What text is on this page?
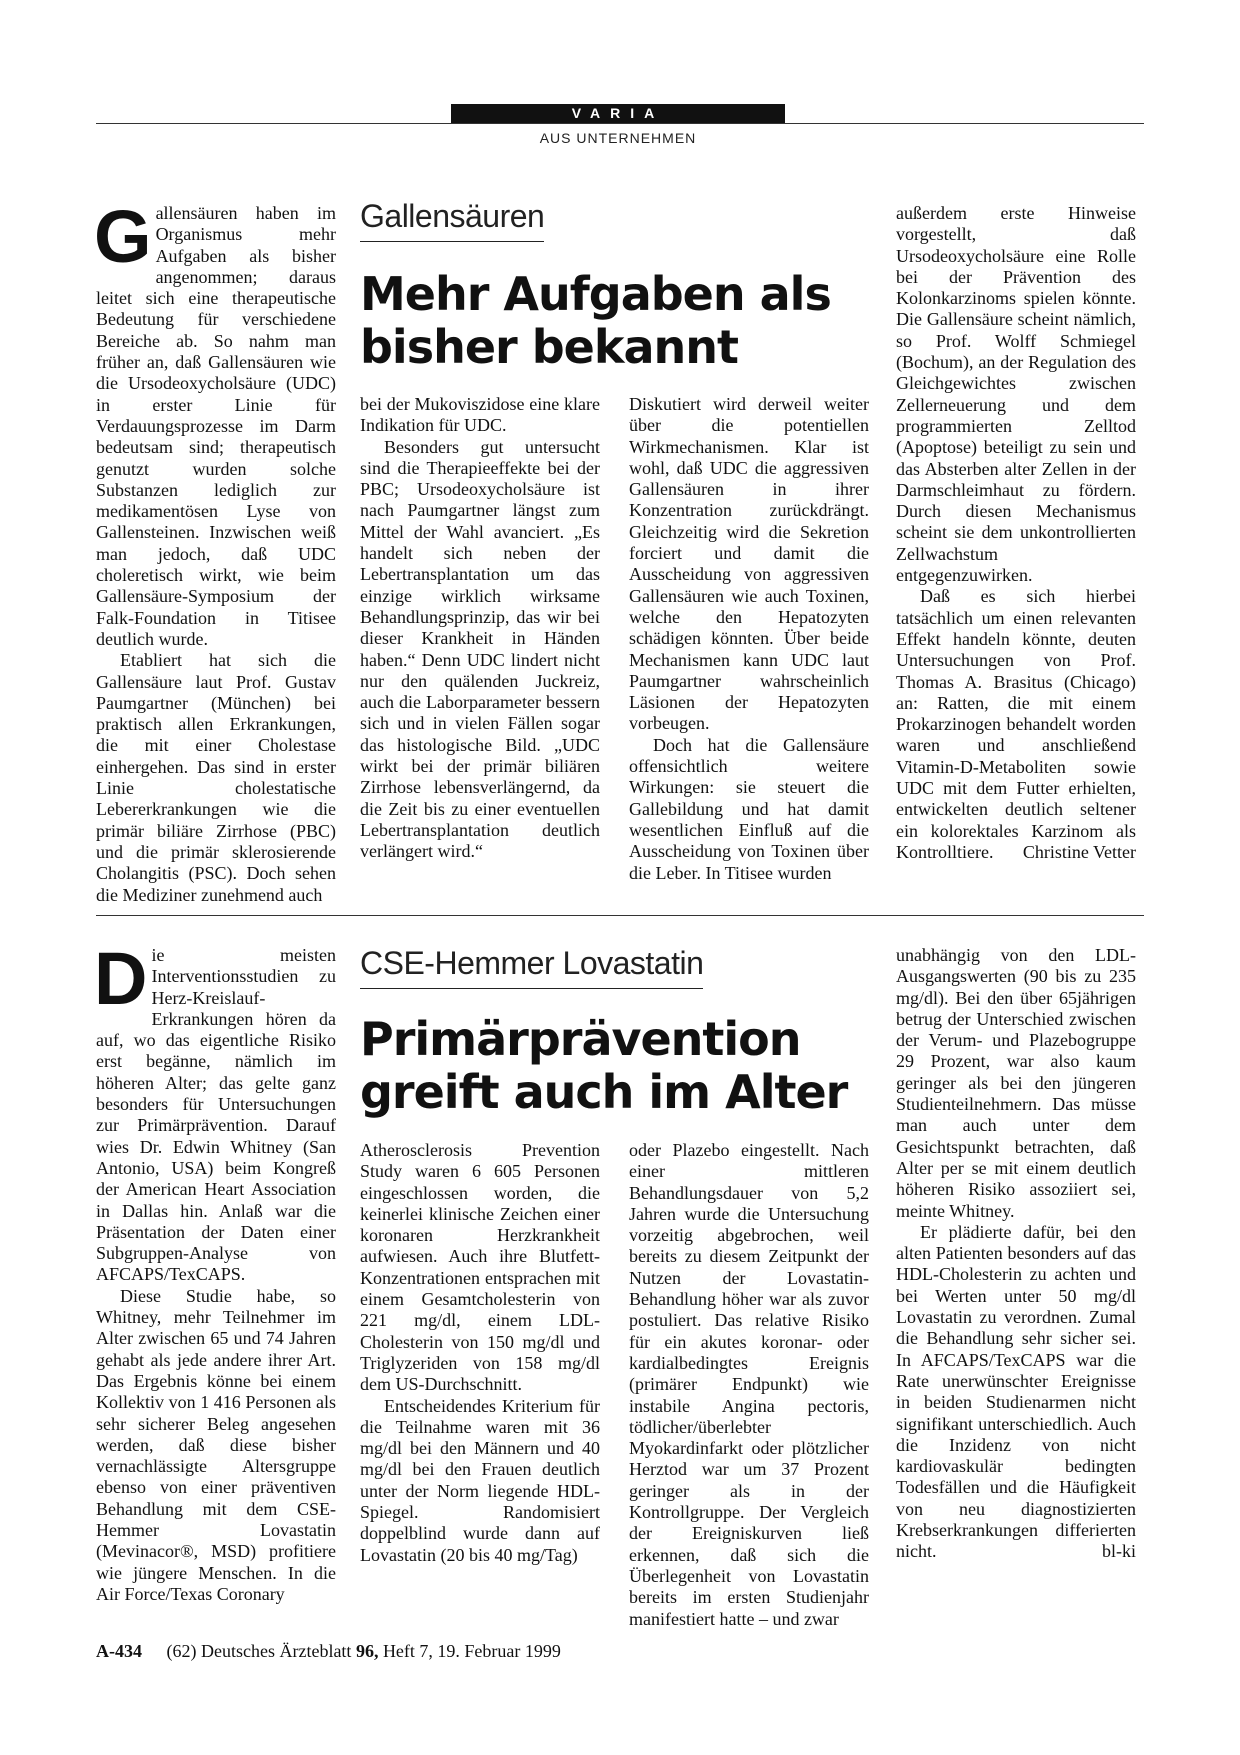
VARIA
AUS UNTERNEHMEN
Gallensäuren
Mehr Aufgaben als
bisher bekannt

Gallensäuren haben im Organismus mehr Aufgaben als bisher angenommen; daraus leitet sich eine therapeutische Bedeutung für verschiedene Bereiche ab. So nahm man früher an, daß Gallensäuren wie die Ursodeoxycholsäure (UDC) in erster Linie für Verdauungsprozesse im Darm bedeutsam sind; therapeutisch genutzt wurden solche Substanzen lediglich zur medikamentösen Lyse von Gallensteinen. Inzwischen weiß man jedoch, daß UDC choleretisch wirkt, wie beim Gallensäure-Symposium der Falk-Foundation in Titisee deutlich wurde.

Etabliert hat sich die Gallensäure laut Prof. Gustav Paumgartner (München) bei praktisch allen Erkrankungen, die mit einer Cholestase einhergehen. Das sind in erster Linie cholestatische Lebererkrankungen wie die primär biliäre Zirrhose (PBC) und die primär sklerosierende Cholangitis (PSC). Doch sehen die Mediziner zunehmend auch

bei der Mukoviszidose eine klare Indikation für UDC.

Besonders gut untersucht sind die Therapieeffekte bei der PBC; Ursodeoxycholsäure ist nach Paumgartner längst zum Mittel der Wahl avanciert. „Es handelt sich neben der Lebertransplantation um das einzige wirklich wirksame Behandlungsprinzip, das wir bei dieser Krankheit in Händen haben.“ Denn UDC lindert nicht nur den quälenden Juckreiz, auch die Laborparameter bessern sich und in vielen Fällen sogar das histologische Bild. „UDC wirkt bei der primär biliären Zirrhose lebensverlängernd, da die Zeit bis zu einer eventuellen Lebertransplantation deutlich verlängert wird.“

Diskutiert wird derweil weiter über die potentiellen Wirkmechanismen. Klar ist wohl, daß UDC die aggressiven Gallensäuren in ihrer Konzentration zurückdrängt. Gleichzeitig wird die Sekretion forciert und damit die Ausscheidung von aggressiven Gallensäuren wie auch Toxinen, welche den Hepatozyten schädigen könnten. Über beide Mechanismen kann UDC laut Paumgartner wahrscheinlich Läsionen der Hepatozyten vorbeugen.

Doch hat die Gallensäure offensichtlich weitere Wirkungen: sie steuert die Gallebildung und hat damit wesentlichen Einfluß auf die Ausscheidung von Toxinen über die Leber. In Titisee wurden

außerdem erste Hinweise vorgestellt, daß Ursodeoxycholsäure eine Rolle bei der Prävention des Kolonkarzinoms spielen könnte. Die Gallensäure scheint nämlich, so Prof. Wolff Schmiegel (Bochum), an der Regulation des Gleichgewichtes zwischen Zellerneuerung und dem programmierten Zelltod (Apoptose) beteiligt zu sein und das Absterben alter Zellen in der Darmschleimhaut zu fördern. Durch diesen Mechanismus scheint sie dem unkontrollierten Zellwachstum entgegenzuwirken.

Daß es sich hierbei tatsächlich um einen relevanten Effekt handeln könnte, deuten Untersuchungen von Prof. Thomas A. Brasitus (Chicago) an: Ratten, die mit einem Prokarzinogen behandelt worden waren und anschließend Vitamin-D-Metaboliten sowie UDC mit dem Futter erhielten, entwickelten deutlich seltener ein kolorektales Karzinom als Kontrolltiere.	Christine Vetter

CSE-Hemmer Lovastatin
Primärprävention
greift auch im Alter

Die meisten Interventionsstudien zu Herz-Kreislauf-Erkrankungen hören da auf, wo das eigentliche Risiko erst begänne, nämlich im höheren Alter; das gelte ganz besonders für Untersuchungen zur Primärprävention. Darauf wies Dr. Edwin Whitney (San Antonio, USA) beim Kongreß der American Heart Association in Dallas hin. Anlaß war die Präsentation der Daten einer Subgruppen-Analyse von AFCAPS/TexCAPS.

Diese Studie habe, so Whitney, mehr Teilnehmer im Alter zwischen 65 und 74 Jahren gehabt als jede andere ihrer Art. Das Ergebnis könne bei einem Kollektiv von 1 416 Personen als sehr sicherer Beleg angesehen werden, daß diese bisher vernachlässigte Altersgruppe ebenso von einer präventiven Behandlung mit dem CSE-Hemmer Lovastatin (Mevinacor®, MSD) profitiere wie jüngere Menschen. In die Air Force/Texas Coronary

Atherosclerosis Prevention Study waren 6 605 Personen eingeschlossen worden, die keinerlei klinische Zeichen einer koronaren Herzkrankheit aufwiesen. Auch ihre Blutfett-Konzentrationen entsprachen mit einem Gesamtcholesterin von 221 mg/dl, einem LDL-Cholesterin von 150 mg/dl und Triglyzeriden von 158 mg/dl dem US-Durchschnitt.

Entscheidendes Kriterium für die Teilnahme waren mit 36 mg/dl bei den Männern und 40 mg/dl bei den Frauen deutlich unter der Norm liegende HDL-Spiegel. Randomisiert doppelblind wurde dann auf Lovastatin (20 bis 40 mg/Tag)

oder Plazebo eingestellt. Nach einer mittleren Behandlungsdauer von 5,2 Jahren wurde die Untersuchung vorzeitig abgebrochen, weil bereits zu diesem Zeitpunkt der Nutzen der Lovastatin-Behandlung höher war als zuvor postuliert. Das relative Risiko für ein akutes koronar- oder kardialbedingtes Ereignis (primärer Endpunkt) wie instabile Angina pectoris, tödlicher/überlebter Myokardinfarkt oder plötzlicher Herztod war um 37 Prozent geringer als in der Kontrollgruppe. Der Vergleich der Ereigniskurven ließ erkennen, daß sich die Überlegenheit von Lovastatin bereits im ersten Studienjahr manifestiert hatte – und zwar

unabhängig von den LDL-Ausgangswerten (90 bis zu 235 mg/dl). Bei den über 65jährigen betrug der Unterschied zwischen der Verum- und Plazebogruppe 29 Prozent, war also kaum geringer als bei den jüngeren Studienteilnehmern. Das müsse man auch unter dem Gesichtspunkt betrachten, daß Alter per se mit einem deutlich höheren Risiko assoziiert sei, meinte Whitney.

Er plädierte dafür, bei den alten Patienten besonders auf das HDL-Cholesterin zu achten und bei Werten unter 50 mg/dl Lovastatin zu verordnen. Zumal die Behandlung sehr sicher sei. In AFCAPS/TexCAPS war die Rate unerwünschter Ereignisse in beiden Studienarmen nicht signifikant unterschiedlich. Auch die Inzidenz von nicht kardiovaskulär bedingten Todesfällen und die Häufigkeit von neu diagnostizierten Krebserkrankungen differierten nicht.	bl-ki

A-434 (62) Deutsches Ärzteblatt 96, Heft 7, 19. Februar 1999
